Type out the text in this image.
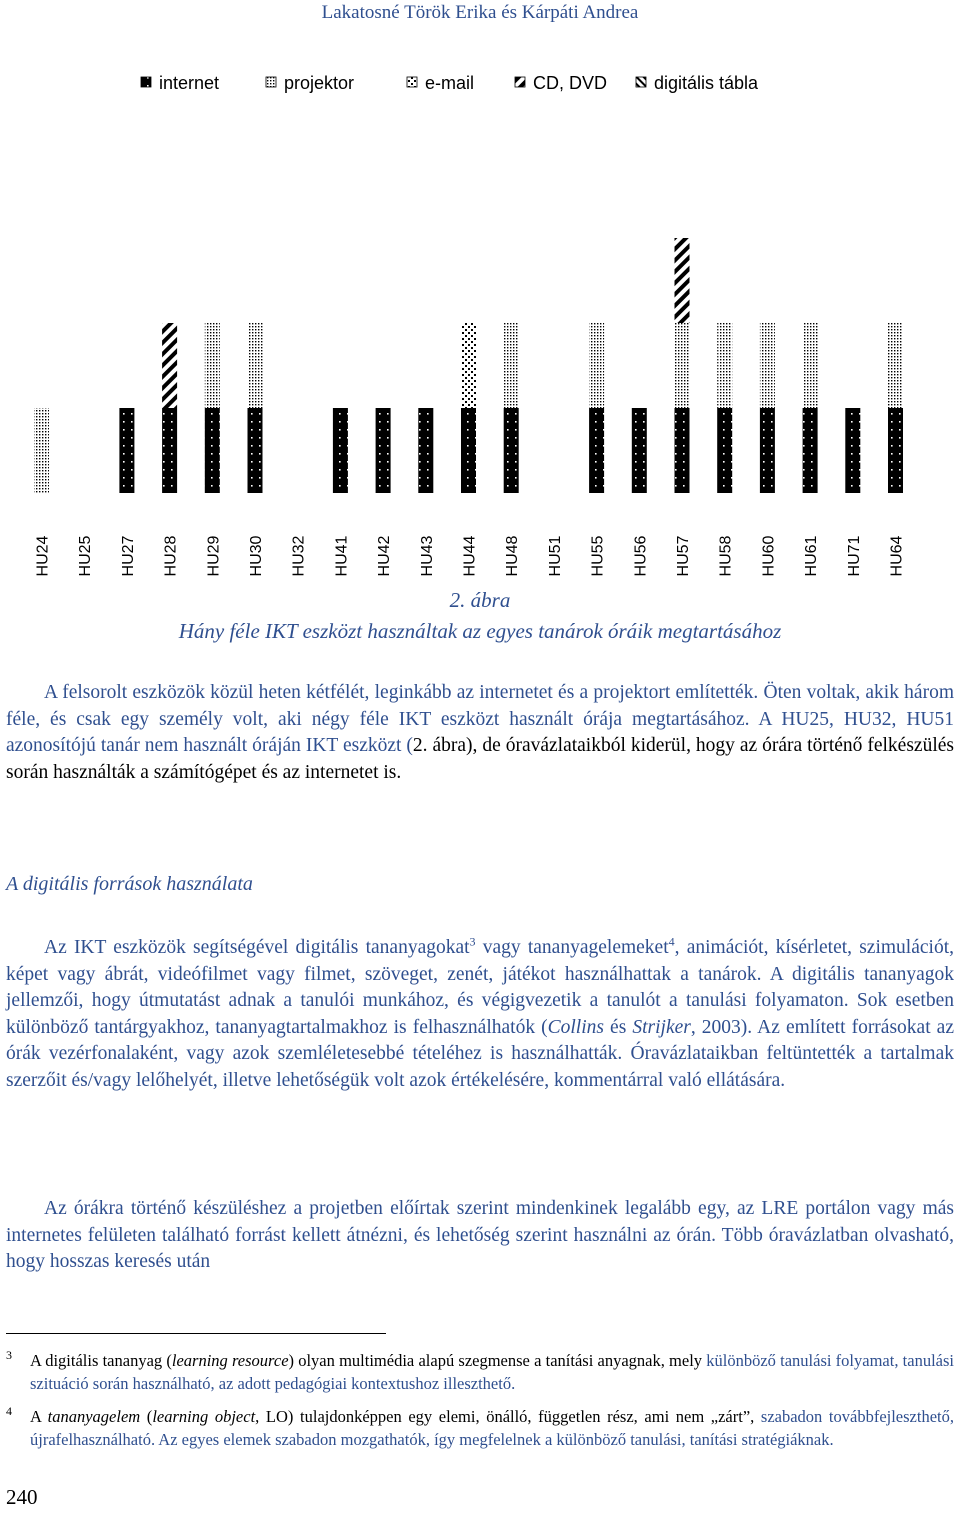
Lakatosné Török Erika és Kárpáti Andrea
internet	projektor	e-mail	CD, DVD	digitális tábla
HU24 HU25 HU27 HU28 HU29 HU30 HU32 HU41 HU42 HU43 HU44 HU48 HU51 HU55 HU56 HU57 HU58 HU60 HU61 HU71 HU64
2. ábra
Hány féle IKT eszközt használtak az egyes tanárok óráik megtartásához
A felsorolt eszközök közül heten kétfélét, leginkább az internetet és a projektort említették. Öten voltak, akik három féle, és csak egy személy volt, aki négy féle IKT eszközt használt órája megtartásához. A HU25, HU32, HU51 azonosítójú tanár nem használt óráján IKT eszközt (2. ábra), de óravázlataikból kiderül, hogy az órára történő felkészülés során használták a számítógépet és az internetet is.
A digitális források használata
Az IKT eszközök segítségével digitális tananyagokat$^3$ vagy tananyagelemeket$^4$, animációt, kísérletet, szimulációt, képet vagy ábrát, videófilmet vagy filmet, szöveget, zenét, játékot használhattak a tanárok. A digitális tananyagok jellemzői, hogy útmutatást adnak a tanulói munkához, és végigvezetik a tanulót a tanulási folyamaton. Sok esetben különböző tantárgyakhoz, tananyagtartalmakhoz is felhasználhatók (Collins és Strijker, 2003). Az említett forrásokat az órák vezérfonalaként, vagy azok szemléletesebbé tételéhez is használhatták. Óravázlataikban feltüntették a tartalmak szerzőit és/vagy lelőhelyét, illetve lehetőségük volt azok értékelésére, kommentárral való ellátására.
Az órákra történő készüléshez a projetben előírtak szerint mindenkinek legalább egy, az LRE portálon vagy más internetes felületen található forrást kellett átnézni, és lehetőség szerint használni az órán. Több óravázlatban olvasható, hogy hosszas keresés után
3 A digitális tananyag (learning resource) olyan multimédia alapú szegmense a tanítási anyagnak, mely különböző tanulási folyamat, tanulási szituáció során használható, az adott pedagógiai kontextushoz illeszthető.
4 A tananyagelem (learning object, LO) tulajdonképpen egy elemi, önálló, független rész, ami nem „zárt”, szabadon továbbfejleszthető, újrafelhasználható. Az egyes elemek szabadon mozgathatók, így megfelelnek a különböző tanulási, tanítási stratégiáknak.
240
